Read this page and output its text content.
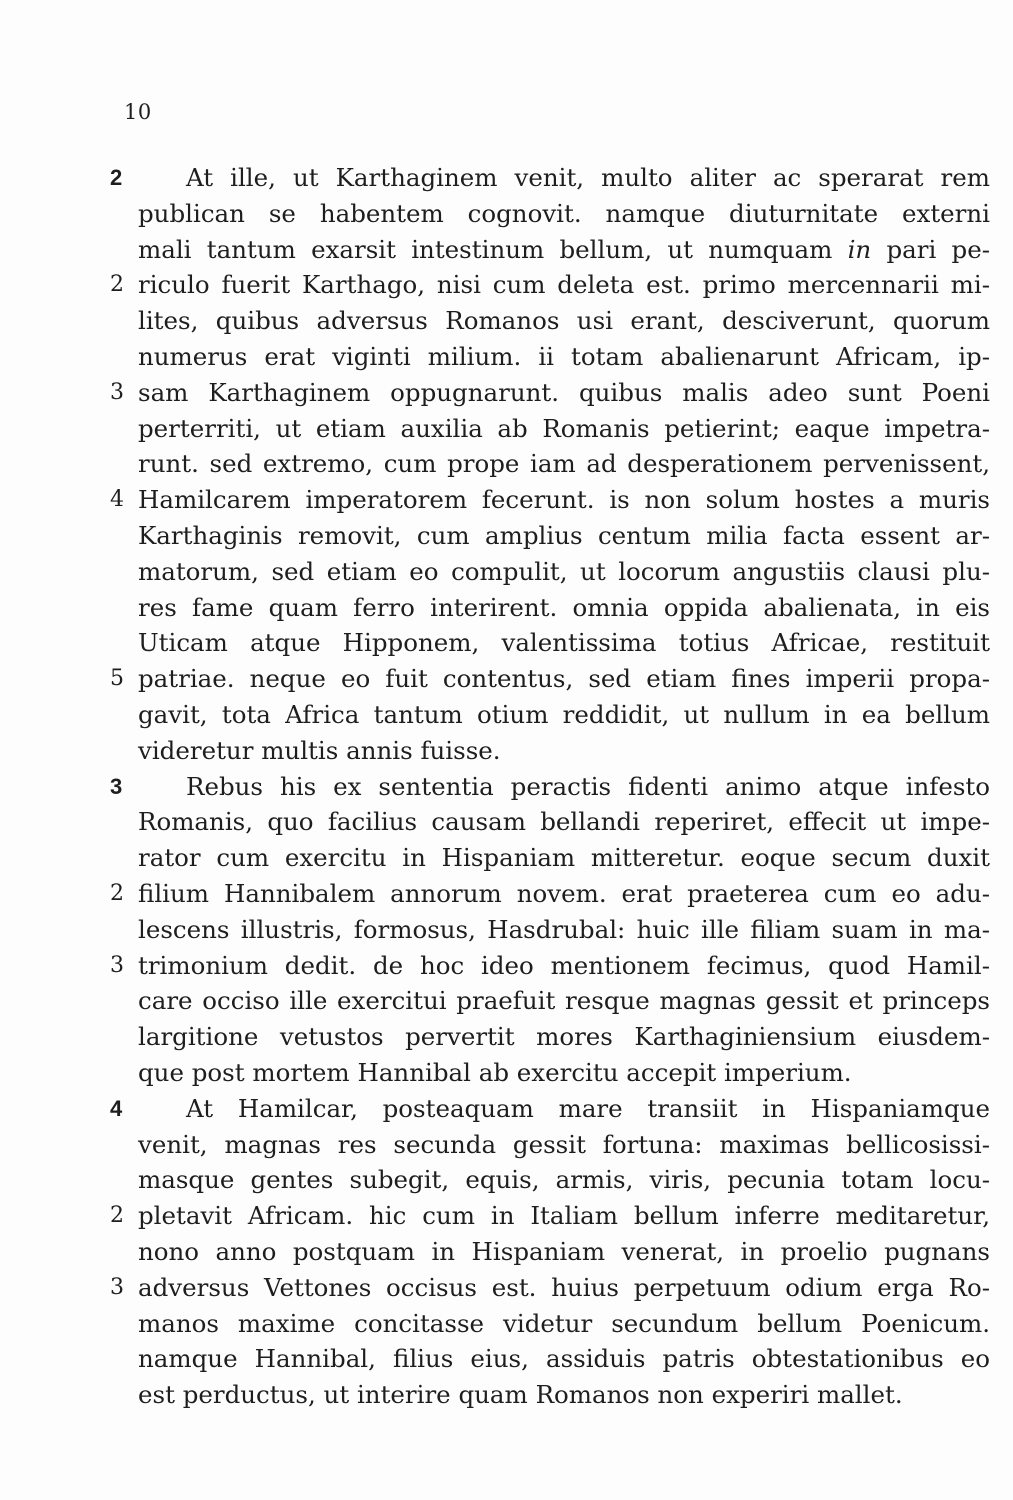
10
2	At ille, ut Karthaginem venit, multo aliter ac sperarat rem
publican se habentem cognovit. namque diuturnitate externi
mali tantum exarsit intestinum bellum, ut numquam in pari pe-
2 riculo fuerit Karthago, nisi cum deleta est. primo mercennarii mi-
lites, quibus adversus Romanos usi erant, desciverunt, quorum
numerus erat viginti milium. ii totam abalienarunt Africam, ip-
3 sam Karthaginem oppugnarunt. quibus malis adeo sunt Poeni
perterriti, ut etiam auxilia ab Romanis petierint; eaque impetra-
runt. sed extremo, cum prope iam ad desperationem pervenissent,
4 Hamilcarem imperatorem fecerunt. is non solum hostes a muris
Karthaginis removit, cum amplius centum milia facta essent ar-
matorum, sed etiam eo compulit, ut locorum angustiis clausi plu-
res fame quam ferro interirent. omnia oppida abalienata, in eis
Uticam atque Hipponem, valentissima totius Africae, restituit
5 patriae. neque eo fuit contentus, sed etiam fines imperii propa-
gavit, tota Africa tantum otium reddidit, ut nullum in ea bellum
videretur multis annis fuisse.
3	Rebus his ex sententia peractis fidenti animo atque infesto
Romanis, quo facilius causam bellandi reperiret, effecit ut impe-
rator cum exercitu in Hispaniam mitteretur. eoque secum duxit
2 filium Hannibalem annorum novem. erat praeterea cum eo adu-
lescens illustris, formosus, Hasdrubal: huic ille filiam suam in ma-
3 trimonium dedit. de hoc ideo mentionem fecimus, quod Hamil-
care occiso ille exercitui praefuit resque magnas gessit et princeps
largitione vetustos pervertit mores Karthaginiensium eiusdem-
que post mortem Hannibal ab exercitu accepit imperium.
4	At Hamilcar, posteaquam mare transiit in Hispaniamque
venit, magnas res secunda gessit fortuna: maximas bellicosissi-
masque gentes subegit, equis, armis, viris, pecunia totam locu-
2 pletavit Africam. hic cum in Italiam bellum inferre meditaretur,
nono anno postquam in Hispaniam venerat, in proelio pugnans
3 adversus Vettones occisus est. huius perpetuum odium erga Ro-
manos maxime concitasse videtur secundum bellum Poenicum.
namque Hannibal, filius eius, assiduis patris obtestationibus eo
est perductus, ut interire quam Romanos non experiri mallet.
